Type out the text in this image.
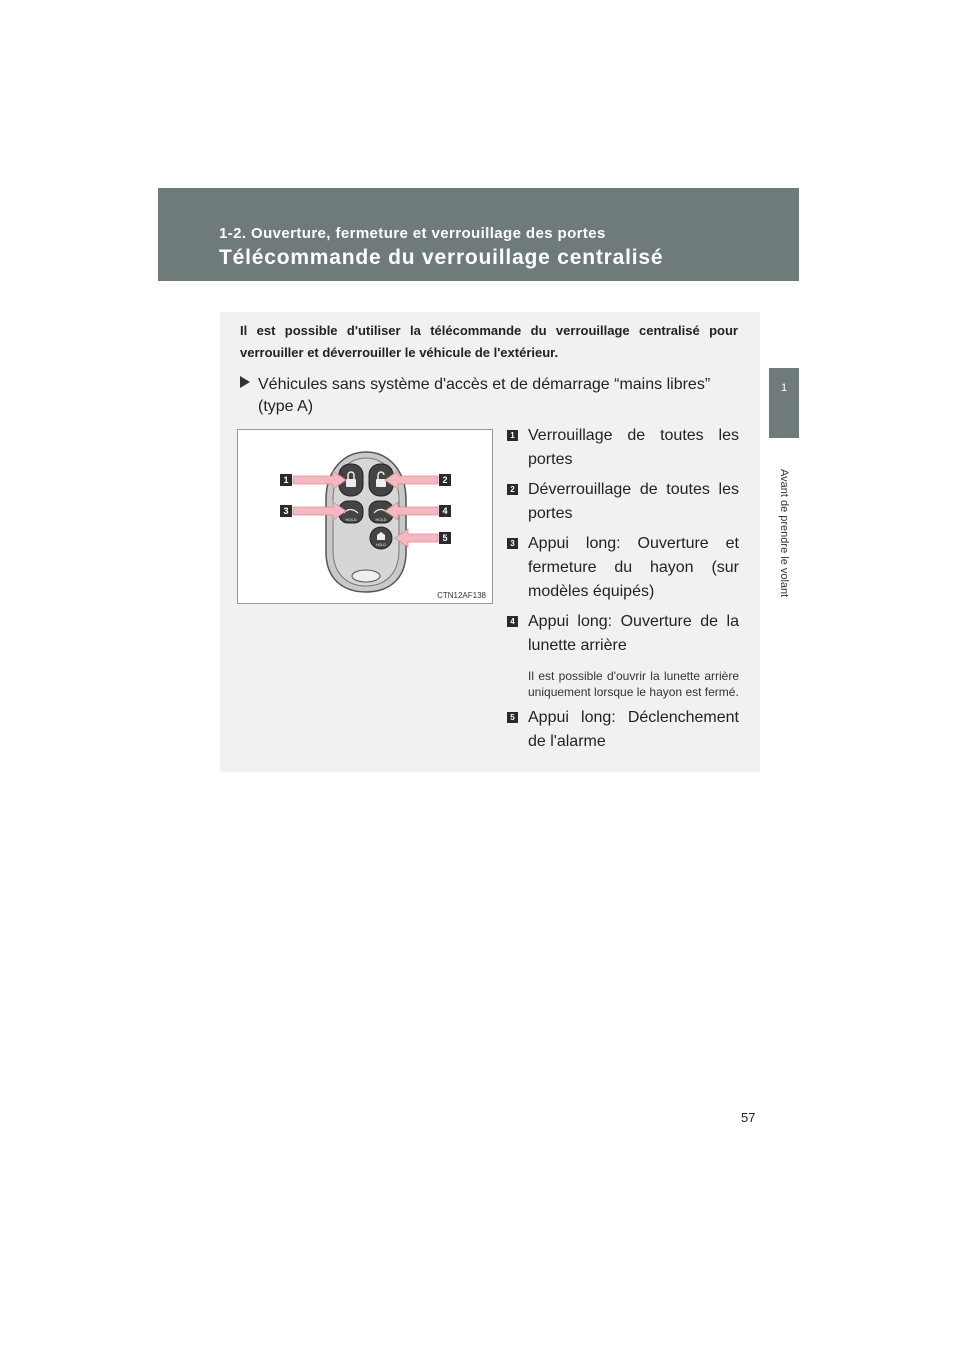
1-2. Ouverture, fermeture et verrouillage des portes
Télécommande du verrouillage centralisé
1
Avant de prendre le volant
Il est possible d'utiliser la télécommande du verrouillage centralisé pour verrouiller et déverrouiller le véhicule de l'extérieur.
Véhicules sans système d'accès et de démarrage “mains libres”
(type A)
HOLD	HOLD
HOLD
1	2
3	4
5
CTN12AF138
1 Verrouillage de toutes les portes
2 Déverrouillage de toutes les portes
3 Appui long: Ouverture et fermeture du hayon (sur modèles équipés)
4 Appui long: Ouverture de la lunette arrière
Il est possible d'ouvrir la lunette arrière uniquement lorsque le hayon est fermé.
5 Appui long: Déclenchement de l'alarme
57
